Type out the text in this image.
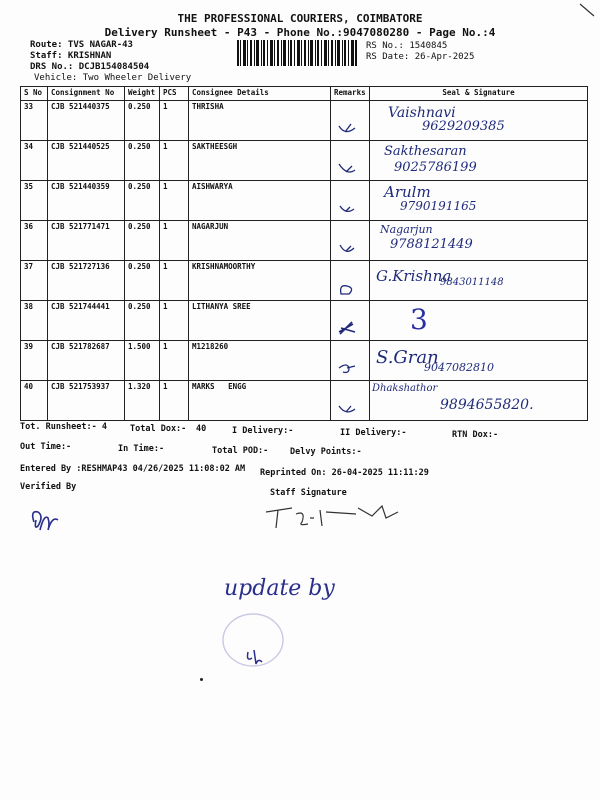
THE PROFESSIONAL COURIERS, COIMBATORE
Delivery Runsheet - P43 - Phone No.:9047080280 - Page No.:4
Route: TVS NAGAR-43
Staff: KRISHNAN
DRS No.: DCJB154084504
Vehicle: Two Wheeler Delivery
RS No.: 1540845
RS Date: 26-Apr-2025
S No	Consignment No	Weight	PCS	Consignee Details	Remarks	Seal & Signature
33	CJB 521440375	0.250	1	THRISHA		Vaishnavi
9629209385

34	CJB 521440525	0.250	1	SAKTHEESGH		Sakthesaran
9025786199

35	CJB 521440359	0.250	1	AISHWARYA		Arulm
9790191165

36	CJB 521771471	0.250	1	NAGARJUN		Nagarjun
9788121449

37	CJB 521727136	0.250	1	KRISHNAMOORTHY		G.Krishna
9843011148

38	CJB 521744441	0.250	1	LITHANYA SREE		3

39	CJB 521782687	1.500	1	M1218260		S.Gran
9047082810

40	CJB 521753937	1.320	1	MARKS   ENGG		Dhakshathor
9894655820.
Tot. Runsheet:- 4	Total Dox:- 40	I Delivery:-	II Delivery:-	RTN Dox:-
Out Time:-	In Time:-	Total POD:-	Delvy Points:-
Entered By :RESHMAP43 04/26/2025 11:08:02 AM Reprinted On: 26-04-2025 11:11:29
Verified By
Staff Signature
update by
